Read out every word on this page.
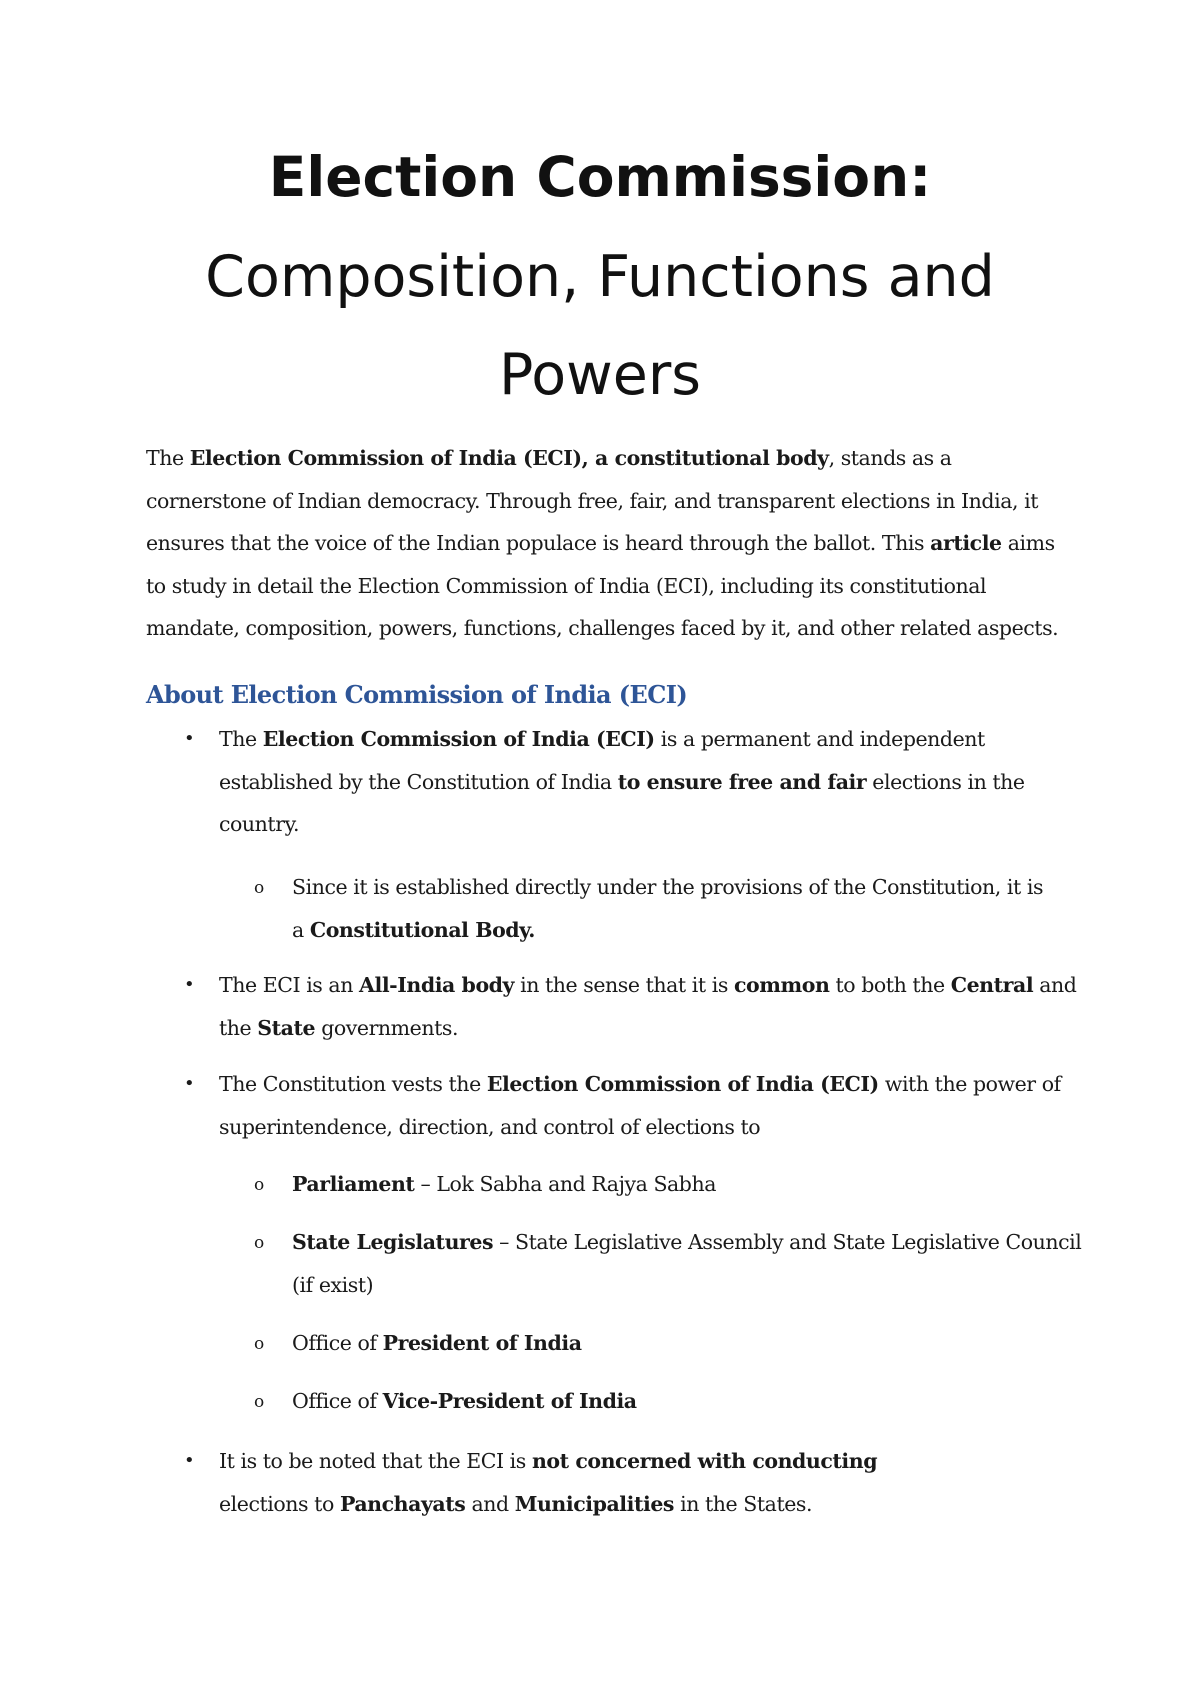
Election Commission:
Composition, Functions and
Powers

The Election Commission of India (ECI), a constitutional body, stands as a cornerstone of Indian democracy. Through free, fair, and transparent elections in India, it ensures that the voice of the Indian populace is heard through the ballot. This article aims to study in detail the Election Commission of India (ECI), including its constitutional mandate, composition, powers, functions, challenges faced by it, and other related aspects.

About Election Commission of India (ECI)
•	The Election Commission of India (ECI) is a permanent and independent established by the Constitution of India to ensure free and fair elections in the country.
o	Since it is established directly under the provisions of the Constitution, it is a Constitutional Body.
•	The ECI is an All-India body in the sense that it is common to both the Central and the State governments.
•	The Constitution vests the Election Commission of India (ECI) with the power of superintendence, direction, and control of elections to
o	Parliament – Lok Sabha and Rajya Sabha
o	State Legislatures – State Legislative Assembly and State Legislative Council (if exist)
o	Office of President of India
o	Office of Vice-President of India
•	It is to be noted that the ECI is not concerned with conducting elections to Panchayats and Municipalities in the States.
